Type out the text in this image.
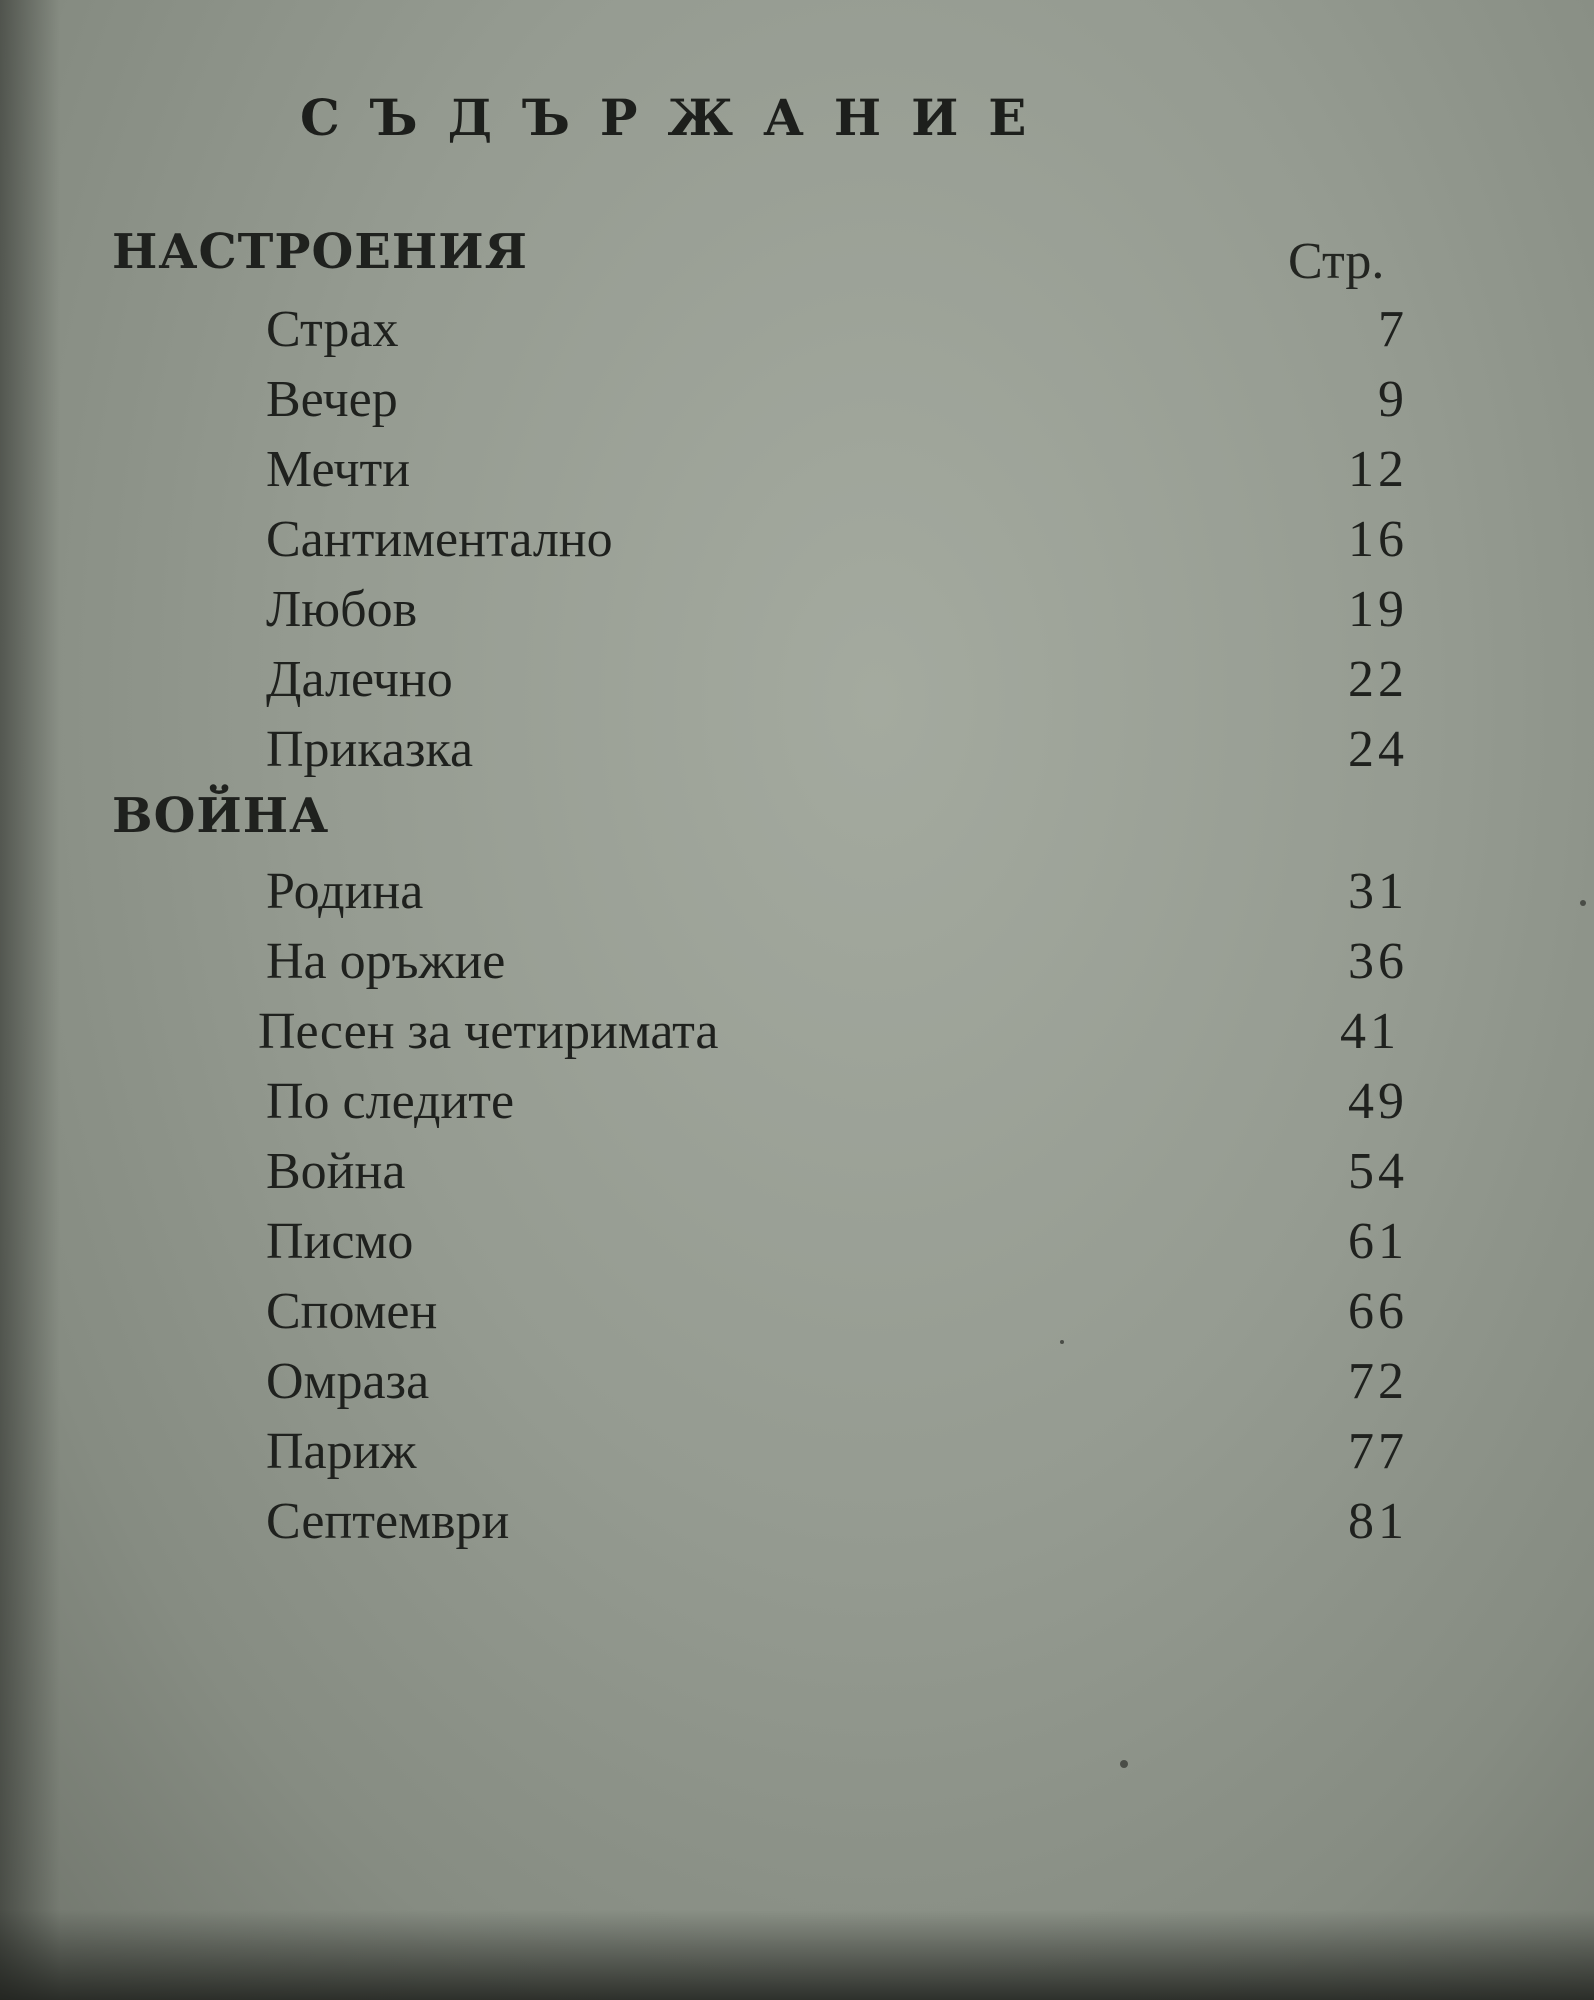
СЪДЪРЖАНИЕ
НАСТРОЕНИЯ	Стр.
Страх	7
Вечер	9
Мечти	12
Сантиментално	16
Любов	19
Далечно	22
Приказка	24
ВОЙНА
Родина	31
На оръжие	36
Песен за четиримата	41
По следите	49
Война	54
Писмо	61
Спомен	66
Омраза	72
Париж	77
Септември	81
